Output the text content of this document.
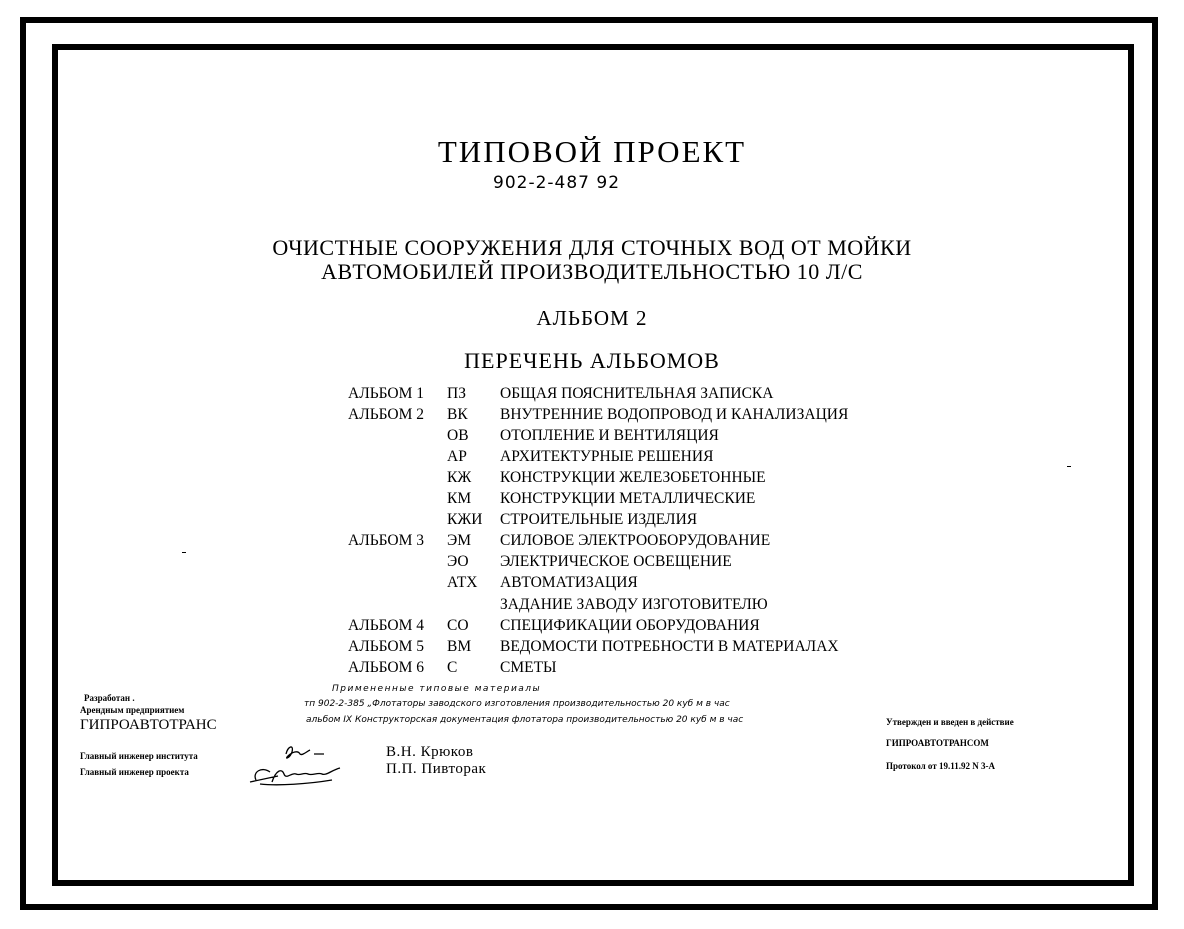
ТИПОВОЙ ПРОЕКТ
902-2-487 92
ОЧИСТНЫЕ СООРУЖЕНИЯ ДЛЯ СТОЧНЫХ ВОД ОТ МОЙКИ
АВТОМОБИЛЕЙ ПРОИЗВОДИТЕЛЬНОСТЬЮ 10 Л/С
АЛЬБОМ 2
ПЕРЕЧЕНЬ АЛЬБОМОВ
АЛЬБОМ 1 ПЗ ОБЩАЯ ПОЯСНИТЕЛЬНАЯ ЗАПИСКА
АЛЬБОМ 2 ВК ВНУТРЕННИЕ ВОДОПРОВОД И КАНАЛИЗАЦИЯ
ОВ ОТОПЛЕНИЕ И ВЕНТИЛЯЦИЯ
АР АРХИТЕКТУРНЫЕ РЕШЕНИЯ
КЖ КОНСТРУКЦИИ ЖЕЛЕЗОБЕТОННЫЕ
КМ КОНСТРУКЦИИ МЕТАЛЛИЧЕСКИЕ
КЖИ СТРОИТЕЛЬНЫЕ ИЗДЕЛИЯ
АЛЬБОМ 3 ЭМ СИЛОВОЕ ЭЛЕКТРООБОРУДОВАНИЕ
ЭО ЭЛЕКТРИЧЕСКОЕ ОСВЕЩЕНИЕ
АТХ АВТОМАТИЗАЦИЯ
ЗАДАНИЕ ЗАВОДУ ИЗГОТОВИТЕЛЮ
АЛЬБОМ 4 СО СПЕЦИФИКАЦИИ ОБОРУДОВАНИЯ
АЛЬБОМ 5 ВМ ВЕДОМОСТИ ПОТРЕБНОСТИ В МАТЕРИАЛАХ
АЛЬБОМ 6 С	СМЕТЫ
Примененные типовые материалы
тп 902-2-385 „Флотаторы заводского изготовления производительностью 20 куб м в час
альбом IX Конструкторская документация флотатора производительностью 20 куб м в час
Разработан .
Арендным предприятием
ГИПРОАВТОТРАНС
Главный инженер института
Главный инженер проекта
В.Н. Крюков
П.П. Пивторак
Утвержден и введен в действие
ГИПРОАВТОТРАНСОМ
Протокол от 19.11.92 N 3-А
